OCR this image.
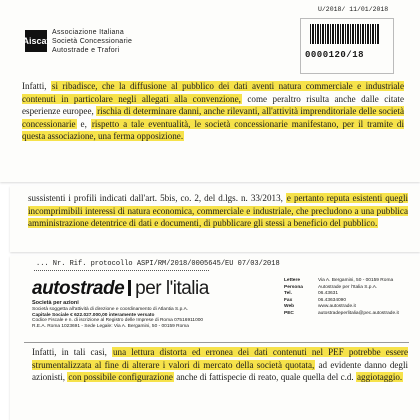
U/2018/ 11/01/2018
Aiscat
Associazione Italiana
Società Concessionarie
Autostrade e Trafori	0000120/18
Infatti, si ribadisce, che la diffusione al pubblico dei dati aventi natura commerciale e industriale contenuti in particolare negli allegati alla convenzione, come peraltro risulta anche dalle citate esperienze europee, rischia di determinare danni, anche rilevanti, all'attività imprenditoriale delle società concessionarie e, rispetto a tale eventualità, le società concessionarie manifestano, per il tramite di questa associazione, una ferma opposizione.
sussistenti i profili indicati dall'art. 5bis, co. 2, del d.lgs. n. 33/2013, e pertanto reputa esistenti quegli incomprimibili interessi di natura economica, commerciale e industriale, che precludono a una pubblica amministrazione detentrice di dati e documenti, di pubblicare gli stessi a beneficio del pubblico.
... Nr. Rif. protocollo ASPI/RM/2018/0005645/EU 07/03/2018
autostrade per l'italia
Società per azioni
Società soggetta all'attività di direzione e coordinamento di Atlantia S.p.A.
Capitale Sociale € 622.027.000,00 interamente versato
Codice Fiscale e n. di iscrizione al Registro delle Imprese di Roma 07516911000
R.E.A. Roma 1023691 - Sede Legale: Via A. Bergamini, 50 - 00159 Roma
Lettere	Via A. Bergamini, 50 - 00159 Roma
Persona	Autostrade per l'Italia S.p.A.
Tel.	06.43631
Fax	06.43634090
Web	www.autostrade.it
PEC	autostradeperlitalia@pec.autostrade.it
Infatti, in tali casi, una lettura distorta ed erronea dei dati contenuti nel PEF potrebbe essere strumentalizzata al fine di alterare i valori di mercato della società quotata, ad evidente danno degli azionisti, con possibile configurazione anche di fattispecie di reato, quale quella del c.d. aggiotaggio.
